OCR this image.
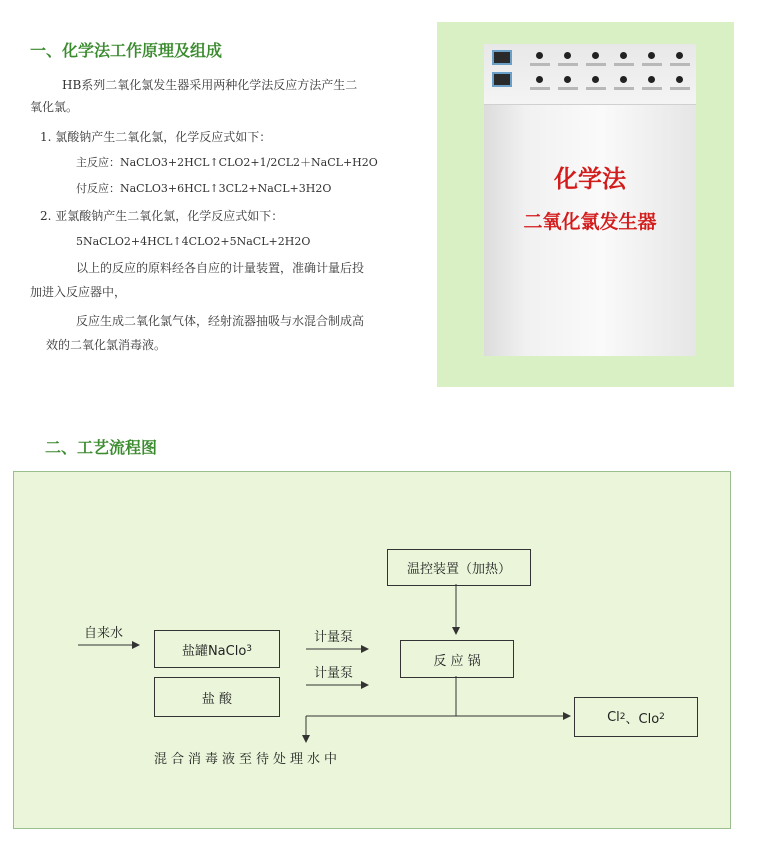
一、化学法工作原理及组成
HB系列二氧化氯发生器采用两种化学法反应方法产生二
氧化氯。
1. 氯酸钠产生二氧化氯，化学反应式如下：
主反应：NaCLO3+2HCL↑CLO2+1/2CL2＋NaCL+H2O
付反应：NaCLO3+6HCL↑3CL2+NaCL+3H2O
2. 亚氯酸钠产生二氧化氯，化学反应式如下：
5NaCLO2+4HCL↑4CLO2+5NaCL+2H2O
以上的反应的原料经各自应的计量装置，准确计量后投
加进入反应器中，
反应生成二氧化氯气体，经射流器抽吸与水混合制成高
效的二氧化氯消毒液。
化学法
二氧化氯发生器
二、工艺流程图
自来水
盐罐NaClo 3
盐 酸
计量泵
计量泵
温控装置（加热）
反 应 锅
Cl 2 、Clo 2
混合消毒液至待处理水中
